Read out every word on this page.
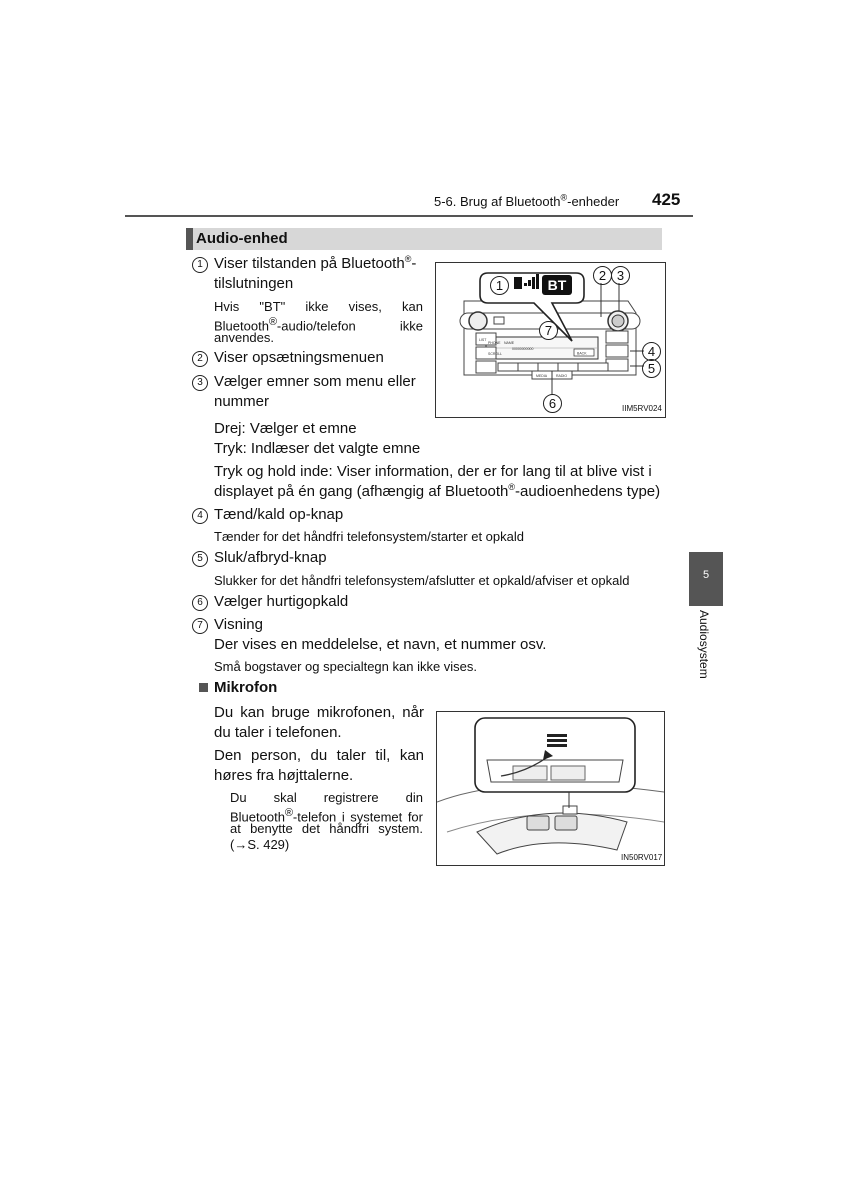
5-6. Brug af Bluetooth®-enheder 425
Audio-enhed
1 Viser tilstanden på Bluetooth®-
tilslutningen
Hvis "BT" ikke vises, kan
Bluetooth®-audio/telefon ikke
anvendes.
2 Viser opsætningsmenuen
3 Vælger emner som menu eller
nummer
Drej: Vælger et emne
Tryk: Indlæser det valgte emne
Tryk og hold inde: Viser information, der er for lang til at blive vist i
displayet på én gang (afhængig af Bluetooth®-audioenhedens type)
4 Tænd/kald op-knap
Tænder for det håndfri telefonsystem/starter et opkald
5 Sluk/afbryd-knap
Slukker for det håndfri telefonsystem/afslutter et opkald/afviser et opkald
6 Vælger hurtigopkald
7 Visning
Der vises en meddelelse, et navn, et nummer osv.
Små bogstaver og specialtegn kan ikke vises.
Mikrofon
Du kan bruge mikrofonen, når
du taler i telefonen.
Den person, du taler til, kan
høres fra højttalerne.
Du skal registrere din
Bluetooth®-telefon i systemet for
at benytte det håndfri system.
(→S. 429)
BT
PHONE NAME
00000000000
SCROLL	BACK
LIST
MEDIA	RADIO
1
2 3
4
5
6
7
IIM5RV024
IN50RV017
5
Audiosystem
